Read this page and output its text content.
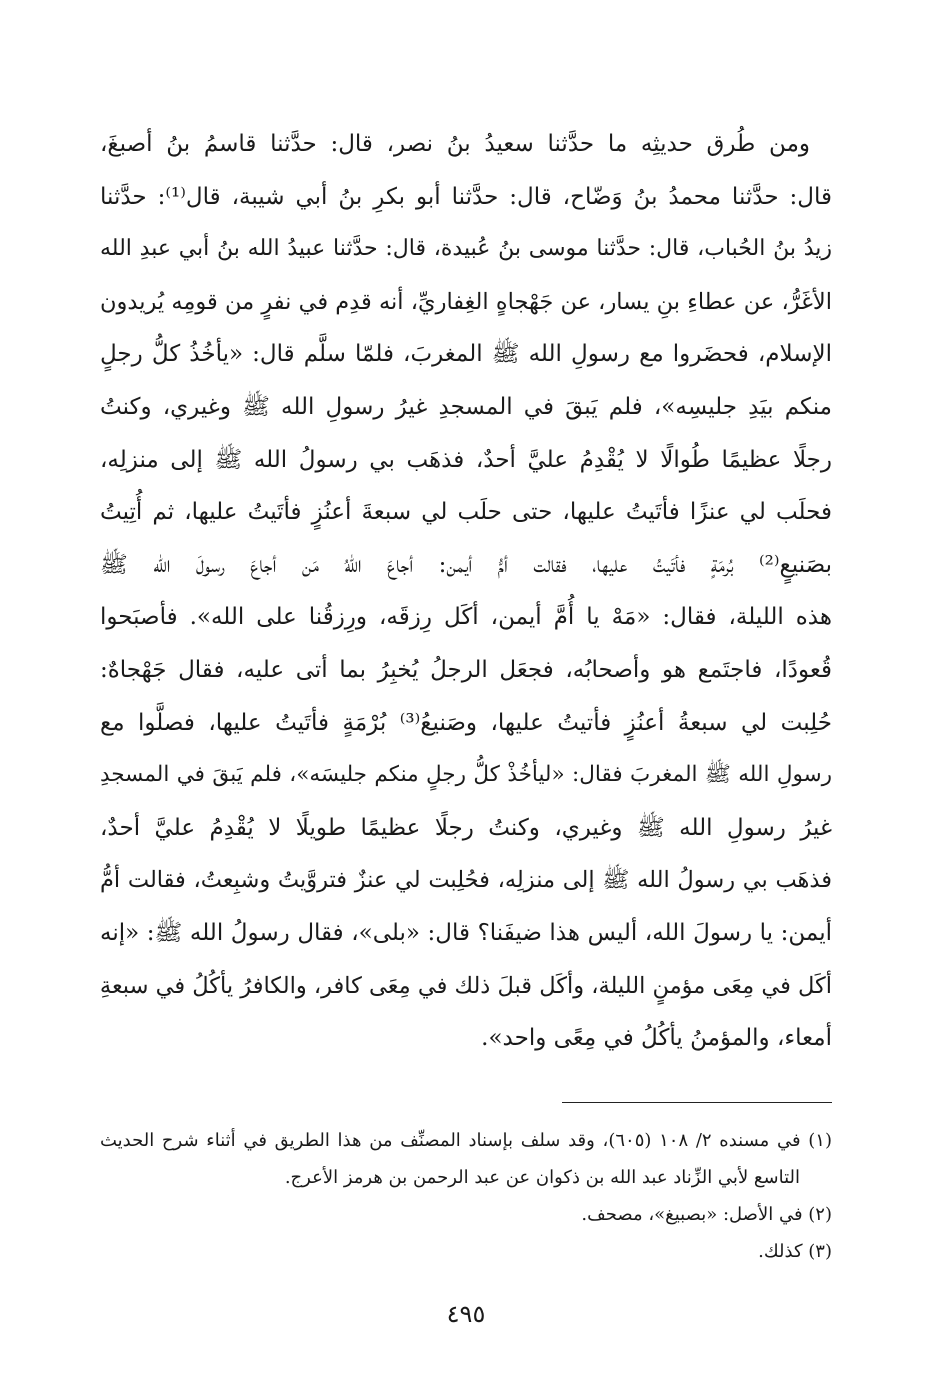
ومن طُرق حديثِه ما حدَّثنا سعيدُ بنُ نصر، قال: حدَّثنا قاسمُ بنُ أصبغَ،
قال: حدَّثنا محمدُ بنُ وَضّاح، قال: حدَّثنا أبو بكرِ بنُ أبي شيبة، قال⁽¹⁾: حدَّثنا
زيدُ بنُ الحُباب، قال: حدَّثنا موسى بنُ عُبيدة، قال: حدَّثنا عبيدُ الله بنُ أبي عبدِ الله
الأغَرُّ، عن عطاءِ بنِ يسار، عن جَهْجاهٍ الغِفاريِّ، أنه قدِم في نفرٍ من قومِه يُريدون
الإسلام، فحضَروا مع رسولِ الله ﷺ المغربَ، فلمّا سلَّم قال: «يأخُذُ كلُّ رجلٍ
منكم بيَدِ جليسِه»، فلم يَبقَ في المسجدِ غيرُ رسولِ الله ﷺ وغيري، وكنتُ
رجلًا عظيمًا طُوالًا لا يُقْدِمُ عليَّ أحدٌ، فذهَب بي رسولُ الله ﷺ إلى منزلِه،
فحلَب لي عنزًا فأتَيتُ عليها، حتى حلَب لي سبعةَ أعنُزٍ فأتَيتُ عليها، ثم أُتِيتُ
بصَنيعٍ⁽²⁾ بُرمَةٍ فأتَيتُ عليها، فقالت أمُّ أيمن: أجاعَ اللهُ مَن أجاعَ رسولَ الله ﷺ
هذه الليلة، فقال: «مَهْ يا أُمَّ أيمن، أكَل رِزقَه، ورِزقُنا على الله». فأصبَحوا
قُعودًا، فاجتَمع هو وأصحابُه، فجعَل الرجلُ يُخبِرُ بما أتى عليه، فقال جَهْجاهٌ:
حُلِبت لي سبعةُ أعنُزٍ فأتيتُ عليها، وصَنيعُ⁽³⁾ بُرْمَةٍ فأتَيتُ عليها، فصلَّوا مع
رسولِ الله ﷺ المغربَ فقال: «ليأخُذْ كلُّ رجلٍ منكم جليسَه»، فلم يَبقَ في المسجدِ
غيرُ رسولِ الله ﷺ وغيري، وكنتُ رجلًا عظيمًا طويلًا لا يُقْدِمُ عليَّ أحدٌ،
فذهَب بي رسولُ الله ﷺ إلى منزلِه، فحُلِبت لي عنزٌ فتروَّيتُ وشبِعتُ، فقالت أمُّ
أيمن: يا رسولَ الله، أليس هذا ضيفَنا؟ قال: «بلى»، فقال رسولُ الله ﷺ: «إنه
أكَل في مِعَى مؤمنٍ الليلة، وأكَل قبلَ ذلك في مِعَى كافر، والكافرُ يأكُلُ في سبعةِ
أمعاء، والمؤمنُ يأكُلُ في مِعًى واحد».
(١) في مسنده ٢/ ١٠٨ (٦٠٥)، وقد سلف بإسناد المصنِّف من هذا الطريق في أثناء شرح الحديث
التاسع لأبي الزِّناد عبد الله بن ذكوان عن عبد الرحمن بن هرمز الأعرج.
(٢) في الأصل: «بصبيغ»، مصحف.
(٣) كذلك.
٤٩٥
